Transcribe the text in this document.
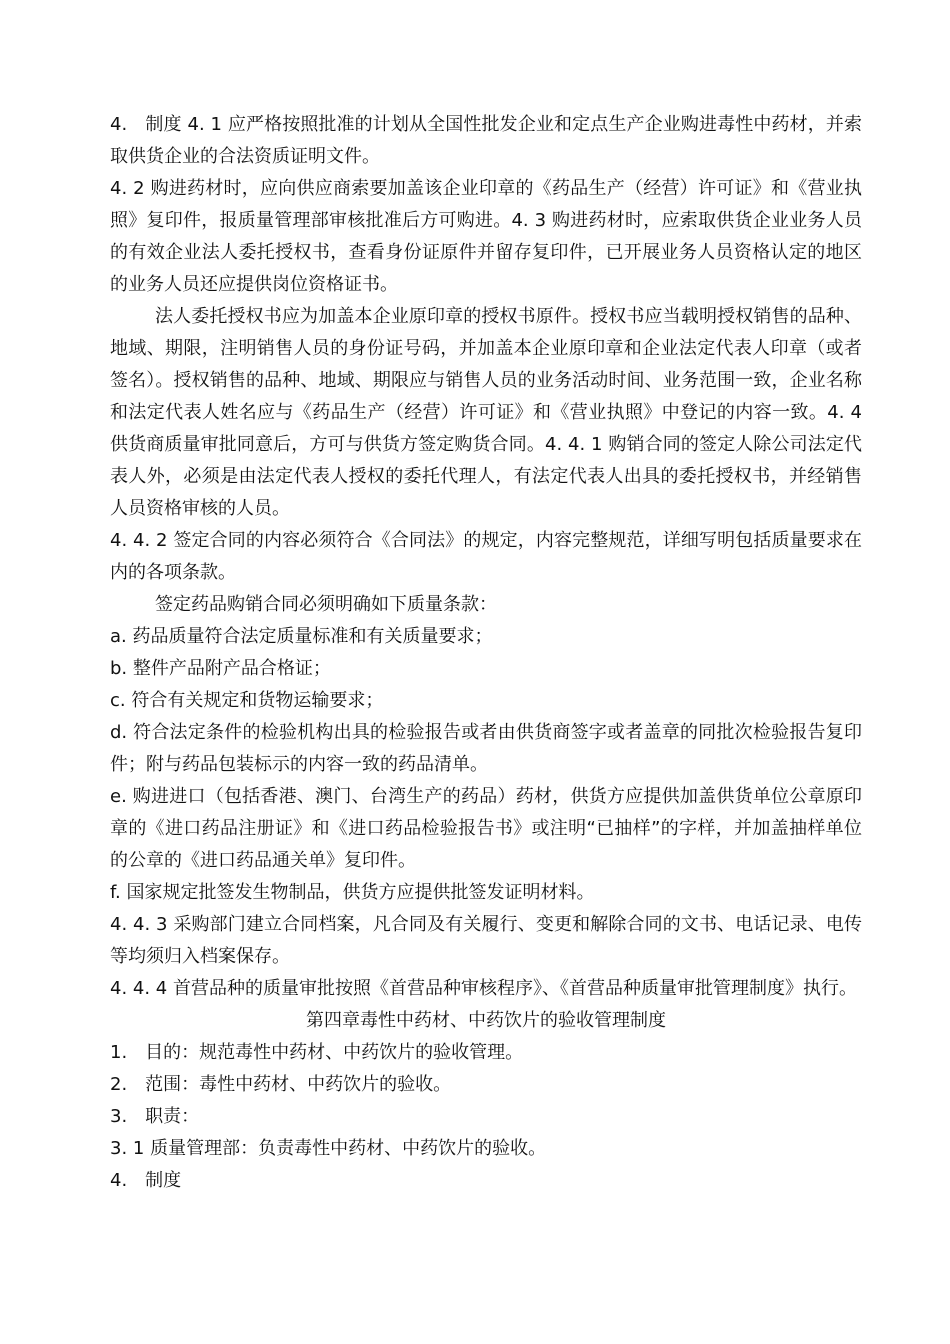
4.　制度 4. 1 应严格按照批准的计划从全国性批发企业和定点生产企业购进毒性中药材，并索取供货企业的合法资质证明文件。

4. 2 购进药材时，应向供应商索要加盖该企业印章的《药品生产（经营）许可证》和《营业执照》复印件，报质量管理部审核批准后方可购进。4. 3 购进药材时，应索取供货企业业务人员的有效企业法人委托授权书，查看身份证原件并留存复印件，已开展业务人员资格认定的地区的业务人员还应提供岗位资格证书。

法人委托授权书应为加盖本企业原印章的授权书原件。授权书应当载明授权销售的品种、地域、期限，注明销售人员的身份证号码，并加盖本企业原印章和企业法定代表人印章（或者签名）。授权销售的品种、地域、期限应与销售人员的业务活动时间、业务范围一致，企业名称和法定代表人姓名应与《药品生产（经营）许可证》和《营业执照》中登记的内容一致。4. 4 供货商质量审批同意后，方可与供货方签定购货合同。4. 4. 1 购销合同的签定人除公司法定代表人外，必须是由法定代表人授权的委托代理人，有法定代表人出具的委托授权书，并经销售人员资格审核的人员。

4. 4. 2 签定合同的内容必须符合《合同法》的规定，内容完整规范，详细写明包括质量要求在内的各项条款。

签定药品购销合同必须明确如下质量条款：

a. 药品质量符合法定质量标准和有关质量要求；

b. 整件产品附产品合格证；

c. 符合有关规定和货物运输要求；

d. 符合法定条件的检验机构出具的检验报告或者由供货商签字或者盖章的同批次检验报告复印件；附与药品包装标示的内容一致的药品清单。

e. 购进进口（包括香港、澳门、台湾生产的药品）药材，供货方应提供加盖供货单位公章原印章的《进口药品注册证》和《进口药品检验报告书》或注明“已抽样”的字样，并加盖抽样单位的公章的《进口药品通关单》复印件。

f. 国家规定批签发生物制品，供货方应提供批签发证明材料。

4. 4. 3 采购部门建立合同档案，凡合同及有关履行、变更和解除合同的文书、电话记录、电传等均须归入档案保存。

4. 4. 4 首营品种的质量审批按照《首营品种审核程序》、《首营品种质量审批管理制度》执行。

第四章毒性中药材、中药饮片的验收管理制度

1.　目的：规范毒性中药材、中药饮片的验收管理。

2.　范围：毒性中药材、中药饮片的验收。

3.　职责：

3. 1 质量管理部：负责毒性中药材、中药饮片的验收。

4.　制度
